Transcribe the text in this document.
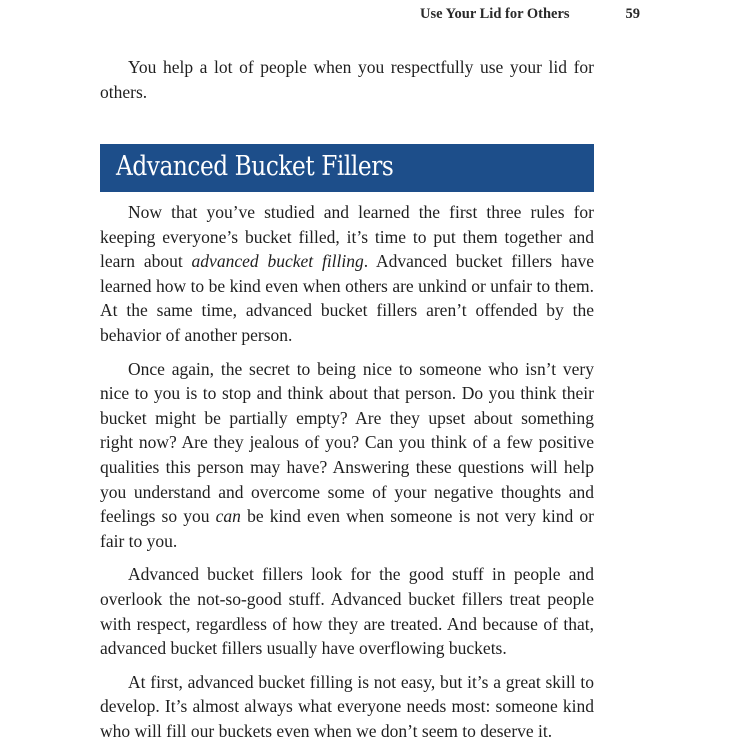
Use Your Lid for Others	59

You help a lot of people when you respectfully use your lid for others.

Advanced Bucket Fillers

Now that you’ve studied and learned the first three rules for keeping everyone’s bucket filled, it’s time to put them together and learn about advanced bucket filling. Advanced bucket fillers have learned how to be kind even when others are unkind or unfair to them. At the same time, advanced bucket fillers aren’t offended by the behavior of another person.

Once again, the secret to being nice to someone who isn’t very nice to you is to stop and think about that person. Do you think their bucket might be partially empty? Are they upset about something right now? Are they jealous of you? Can you think of a few positive qualities this person may have? Answering these questions will help you understand and overcome some of your negative thoughts and feelings so you can be kind even when someone is not very kind or fair to you.

Advanced bucket fillers look for the good stuff in people and overlook the not-so-good stuff. Advanced bucket fillers treat people with respect, regardless of how they are treated. And because of that, advanced bucket fillers usually have overflowing buckets.

At first, advanced bucket filling is not easy, but it’s a great skill to develop. It’s almost always what everyone needs most: someone kind who will fill our buckets even when we don’t seem to deserve it.
